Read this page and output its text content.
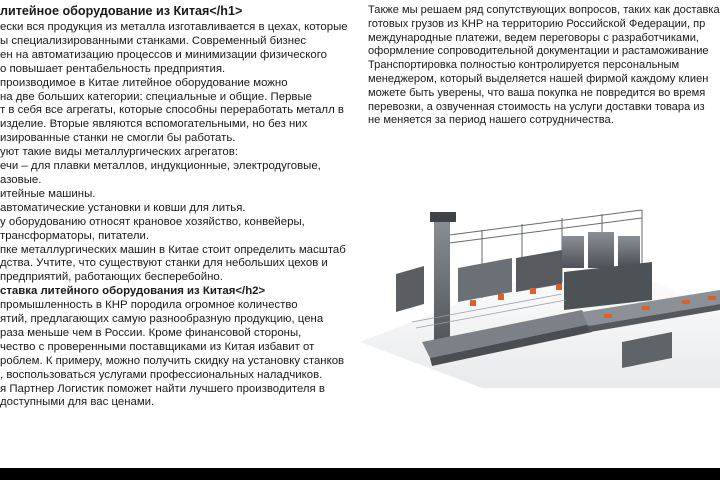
литейное оборудование из Китая</h1>

ески вся продукция из металла изготавливается в цехах, которые

ы специализированными станками. Современный бизнес

ен на автоматизацию процессов и минимизации физического

о повышает рентабельность предприятия.

производимое в Китае литейное оборудование можно

на две больших категории: специальные и общие. Первые

т в себя все агрегаты, которые способны переработать металл в

изделие. Вторые являются вспомогательными, но без них

изированные станки не смогли бы работать.

уют такие виды металлургических агрегатов:

ечи – для плавки металлов, индукционные, электродуговые,

азовые.

итейные машины.

автоматические установки и ковши для литья.

у оборудованию относят крановое хозяйство, конвейеры,

трансформаторы, питатели.

пке металлургических машин в Китае стоит определить масштаб

дства. Учтите, что существуют станки для небольших цехов и

предприятий, работающих бесперебойно.

ставка литейного оборудования из Китая</h2>

промышленность в КНР породила огромное количество

ятий, предлагающих самую разнообразную продукцию, цена

раза меньше чем в России. Кроме финансовой стороны,

чество с проверенными поставщиками из Китая избавит от

роблем. К примеру, можно получить скидку на установку станков

, воспользоваться услугами профессиональных наладчиков.

я Партнер Логистик поможет найти лучшего производителя в

доступными для вас ценами.

Также мы решаем ряд сопутствующих вопросов, таких как доставка

готовых грузов из КНР на территорию Российской Федерации, пр

международные платежи, ведем переговоры с разработчиками,

оформление сопроводительной документации и растаможивание

Транспортировка полностью контролируется персональным

менеджером, который выделяется нашей фирмой каждому клиен

можете быть уверены, что ваша покупка не повредится во время

перевозки, а озвученная стоимость на услуги доставки товара из

не меняется за период нашего сотрудничества.
